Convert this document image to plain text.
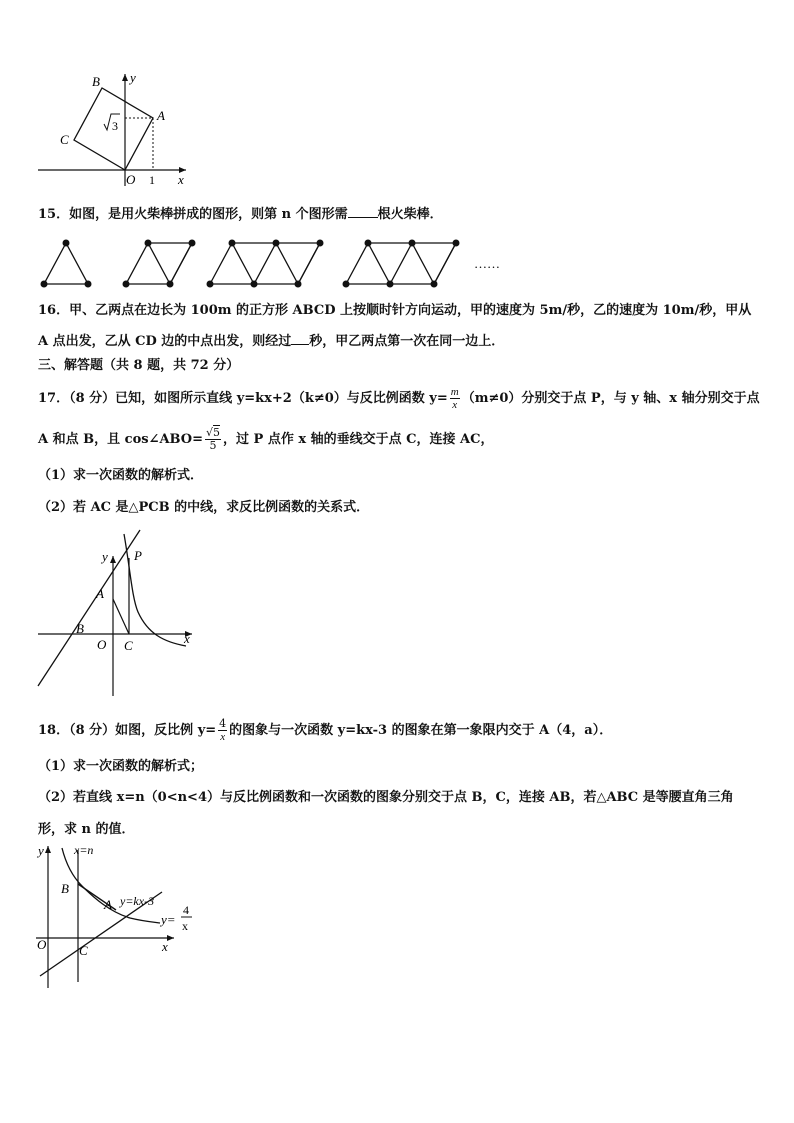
B y
A
3
C
O 1 x
15．如图，是用火柴棒拼成的图形，则第 n 个图形需 根火柴棒．
……
16．甲、乙两点在边长为 100m 的正方形 ABCD 上按顺时针方向运动，甲的速度为 5m/秒，乙的速度为 10m/秒，甲从
A 点出发，乙从 CD 边的中点出发，则经过 秒，甲乙两点第一次在同一边上．
三、解答题（共 8 题，共 72 分）
17．（8 分）已知，如图所示直线 y=kx+2（k≠0）与反比例函数 $y= \frac{m}{x} (m\ne 0)$分别交于点 P，与 y 轴、x 轴分别交于点
A 和点 B，且 cos∠ABO= $\frac{√5}{5}$ ，过 P 点作 x 轴的垂线交于点 C，连接 AC，
（1）求一次函数的解析式．
（2）若 AC 是△PCB 的中线，求反比例函数的关系式．
y P
A
B
O C	x
18．（8 分）如图，反比例 $y= \frac{4}{x}$ 的图象与一次函数 y=kx-3 的图象在第一象限内交于 A（4，a）．
（1）求一次函数的解析式；
（2）若直线 x=n（0<n<4）与反比例函数和一次函数的图象分别交于点 B，C，连接 AB，若△ABC 是等腰直角三角
形，求 n 的值．
y	x=n
B
A y=kx-3
y=
4
x
O	C	x
